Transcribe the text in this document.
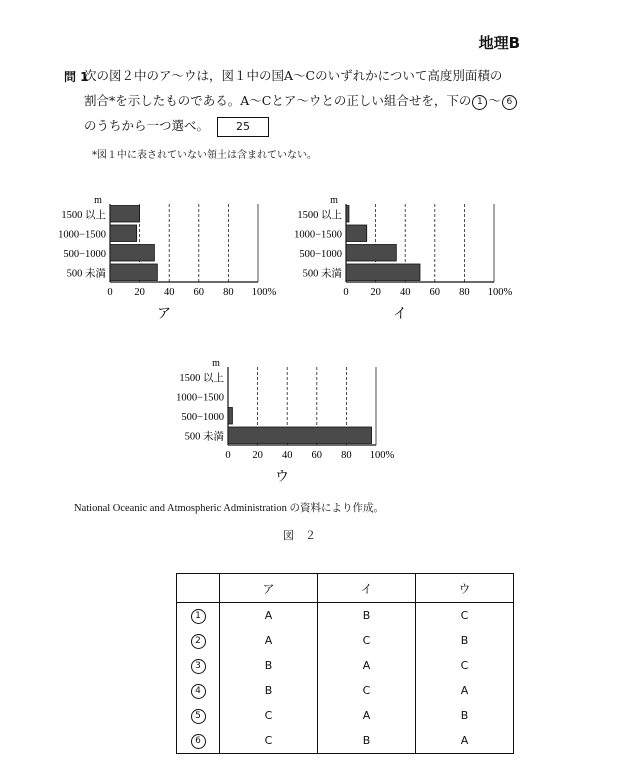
地理B
問 1
次の図２中のア～ウは，図１中の国A～Cのいずれかについて高度別面積の
割合*を示したものである。A～Cとア～ウとの正しい組合せを，下の 1 ～ 6
のうちから一つ選べ。 25
*図１中に表されていない領土は含まれていない。
m
1500 以上
1000−1500
500−1000
500 未満
0 20 40 60 80 100%
ア
m
1500 以上
1000−1500
500−1000
500 未満
0 20 40 60 80 100%
イ
m
1500 以上
1000−1500
500−1000
500 未満
0 20 40 60 80 100%
ウ
National Oceanic and Atmospheric Administration の資料により作成。
図　２
	ア	イ	ウ
1	A	B	C
2	A	C	B
3	B	A	C
4	B	C	A
5	C	A	B
6	C	B	A
